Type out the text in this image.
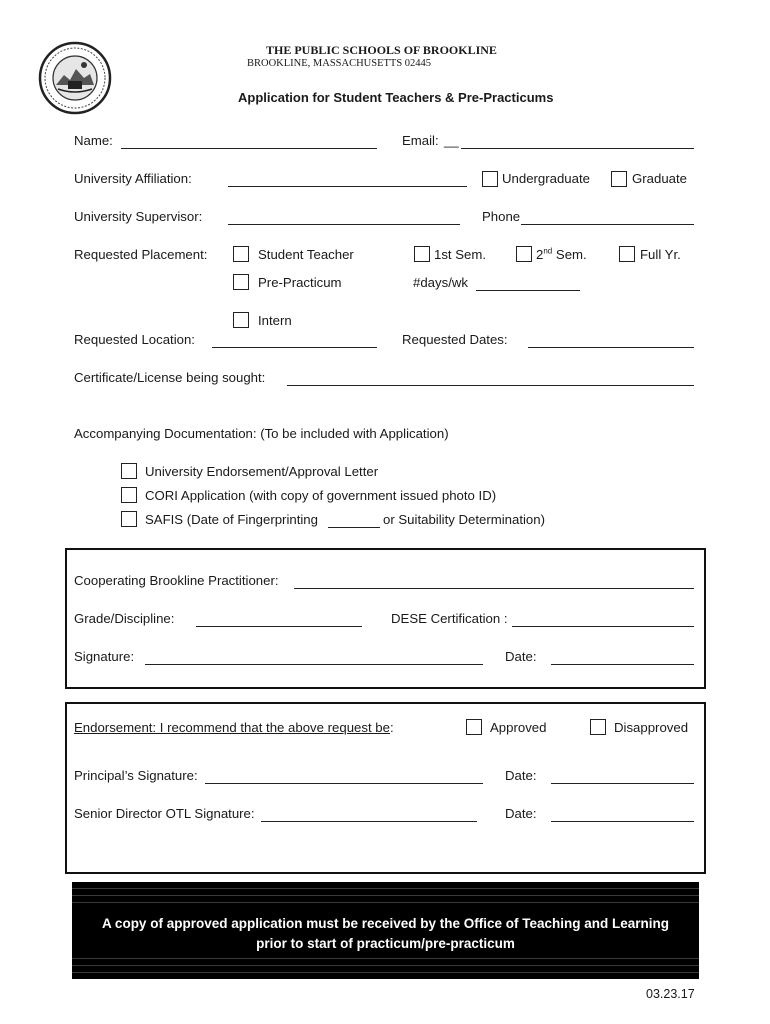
THE PUBLIC SCHOOLS OF BROOKLINE
BROOKLINE, MASSACHUSETTS 02445
Application for Student Teachers & Pre-Practicums
Name:	Email: __
University Affiliation:	Undergraduate	Graduate
University Supervisor:	Phone
Requested Placement:	Student Teacher	1st Sem.	2nd Sem.	Full Yr.
Pre-Practicum	#days/wk
Intern
Requested Location:	Requested Dates:
Certificate/License being sought:
Accompanying Documentation: (To be included with Application)
University Endorsement/Approval Letter
CORI Application (with copy of government issued photo ID)
SAFIS (Date of Fingerprinting	or Suitability Determination)
Cooperating Brookline Practitioner:
Grade/Discipline:	DESE Certification :
Signature:	Date:
Endorsement: I recommend that the above request be:	Approved	Disapproved
Principal’s Signature:	Date:
Senior Director OTL Signature:	Date:
A copy of approved application must be received by the Office of Teaching and Learning
prior to start of practicum/pre-practicum
03.23.17
